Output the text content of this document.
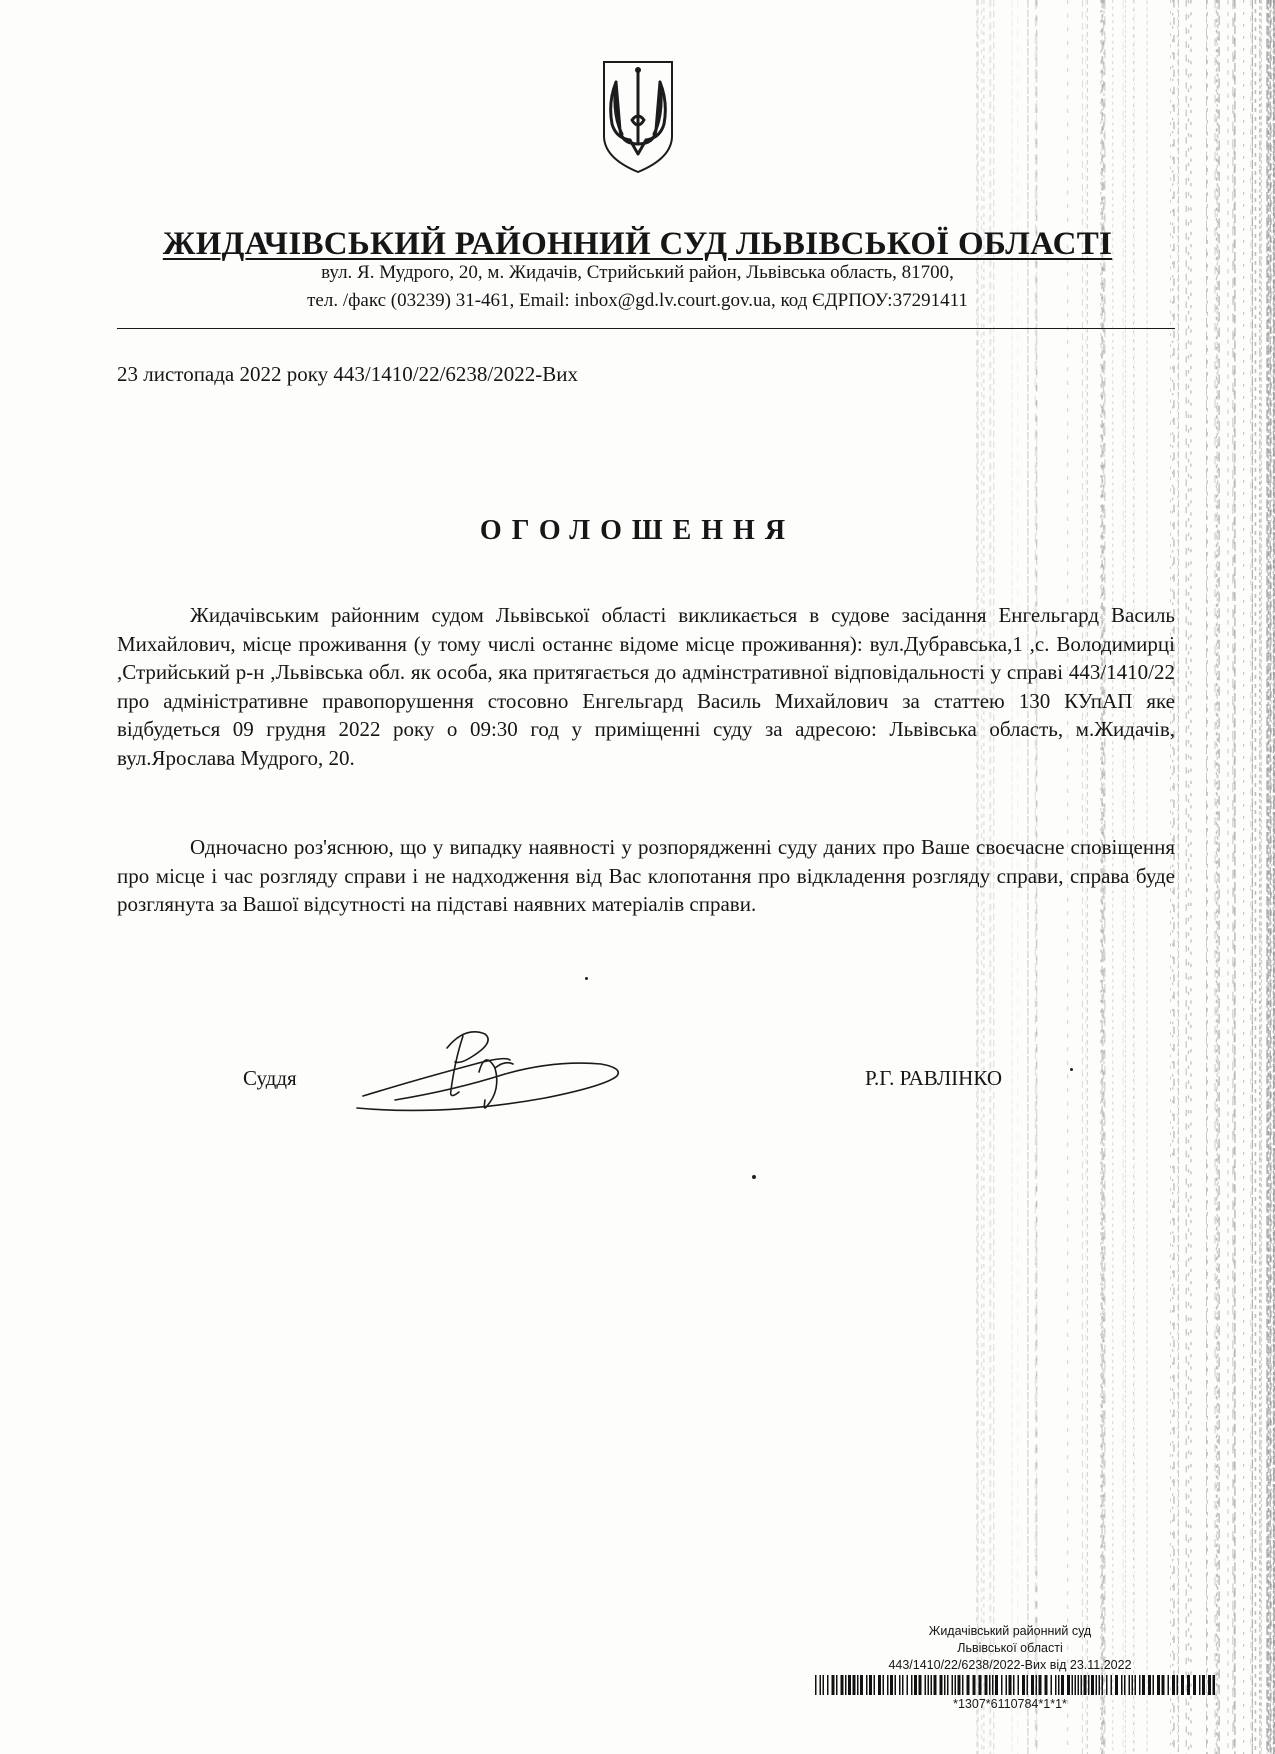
ЖИДАЧІВСЬКИЙ РАЙОННИЙ СУД ЛЬВІВСЬКОЇ ОБЛАСТІ
вул. Я. Мудрого, 20, м. Жидачів, Стрийський район, Львівська область, 81700,
тел. /факс (03239) 31-461, Email: inbox@gd.lv.court.gov.ua, код ЄДРПОУ:37291411
23 листопада 2022 року 443/1410/22/6238/2022-Вих
ОГОЛОШЕННЯ
Жидачівським районним судом Львівської області викликається в судове засідання Енгельгард Василь Михайлович, місце проживання (у тому числі останнє відоме місце проживання): вул.Дубравська,1 ,с. Володимирці ,Стрийський р-н ,Львівська обл. як особа, яка притягається до адмінстративної відповідальності у справі 443/1410/22 про адміністративне правопорушення стосовно Енгельгард Василь Михайлович за статтею 130 КУпАП яке відбудеться 09 грудня 2022 року о 09:30 год у приміщенні суду за адресою: Львівська область, м.Жидачів, вул.Ярослава Мудрого, 20.
Одночасно роз'яснюю, що у випадку наявності у розпорядженні суду даних про Ваше своєчасне сповіщення про місце і час розгляду справи і не надходження від Вас клопотання про відкладення розгляду справи, справа буде розглянута за Вашої відсутності на підставі наявних матеріалів справи.
Суддя	Р.Г. РАВЛІНКО
Жидачівський районний суд
Львівської області
443/1410/22/6238/2022-Вих від 23.11.2022
*1307*6110784*1*1*
